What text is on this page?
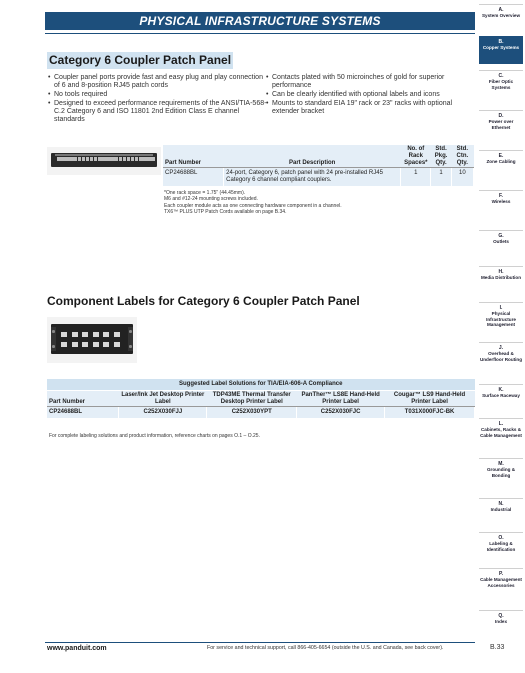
PHYSICAL INFRASTRUCTURE SYSTEMS
A.
System Overview
B.
Copper Systems
C.
Fiber Optic Systems
D.
Power over Ethernet
E.
Zone Cabling
F.
Wireless
G.
Outlets
H.
Media Distribution
I.
Physical Infrastructure Management
J.
Overhead & Underfloor Routing
K.
Surface Raceway
L.
Cabinets, Racks & Cable Management
M.
Grounding & Bonding
N.
Industrial
O.
Labeling & Identification
P.
Cable Management Accessories
Q.
Index
Category 6 Coupler Patch Panel
• Coupler panel ports provide fast and easy plug and play connection of 6 and 8-position RJ45 patch cords
• No tools required
• Designed to exceed performance requirements of the ANSI/TIA-568-C.2 Category 6 and ISO 11801 2nd Edition Class E channel standards
• Contacts plated with 50 microinches of gold for superior performance
• Can be clearly identified with optional labels and icons
• Mounts to standard EIA 19" rack or 23" racks with optional extender bracket
Part Number	Part Description	No. of Rack Spaces*	Std. Pkg. Qty.	Std. Ctn. Qty.
CP24688BL	24-port, Category 6, patch panel with 24 pre-installed RJ45 Category 6 channel compliant couplers.	1	1	10
*One rack space = 1.75" (44.45mm).
M6 and #12-24 mounting screws included.
Each coupler module acts as one connecting hardware component in a channel.
TX6™ PLUS UTP Patch Cords available on page B.34.
Component Labels for Category 6 Coupler Patch Panel
Suggested Label Solutions for TIA/EIA-606-A Compliance				
Part Number	Laser/Ink Jet Desktop Printer Label	TDP43ME Thermal Transfer Desktop Printer Label	PanTher™ LS8E Hand-Held Printer Label	Cougar™ LS9 Hand-Held Printer Label
CP24688BL	C252X030FJJ	C252X030YPT	C252X030FJC	T031X000FJC-BK
For complete labeling solutions and product information, reference charts on pages O.1 – O.25.
www.panduit.com	For service and technical support, call 866-405-6654 (outside the U.S. and Canada, see back cover).	B.33
